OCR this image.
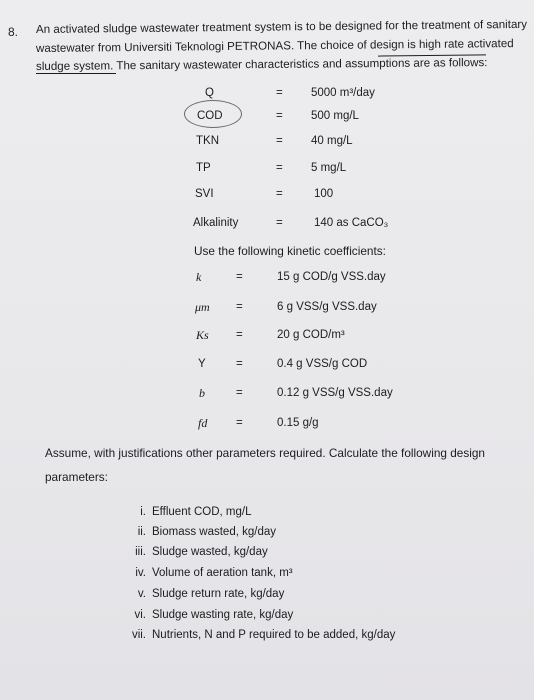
8. An activated sludge wastewater treatment system is to be designed for the treatment of sanitary
wastewater from Universiti Teknologi PETRONAS. The choice of design is high rate activated
sludge system. The sanitary wastewater characteristics and assumptions are as follows:
Q	= 5000 m³/day
COD	= 500 mg/L
TKN	= 40 mg/L
TP	= 5 mg/L
SVI	=	100
Alkalinity	=	140 as CaCO₃
Use the following kinetic coefficients:
k	=	15 g COD/g VSS.day
μm =	6 g VSS/g VSS.day
Ks =	20 g COD/m³
Y	=	0.4 g VSS/g COD
b	=	0.12 g VSS/g VSS.day
fd =	0.15 g/g
Assume, with justifications other parameters required. Calculate the following design
parameters:
i. Effluent COD, mg/L
ii. Biomass wasted, kg/day
iii. Sludge wasted, kg/day
iv. Volume of aeration tank, m³
v. Sludge return rate, kg/day
vi. Sludge wasting rate, kg/day
vii. Nutrients, N and P required to be added, kg/day
